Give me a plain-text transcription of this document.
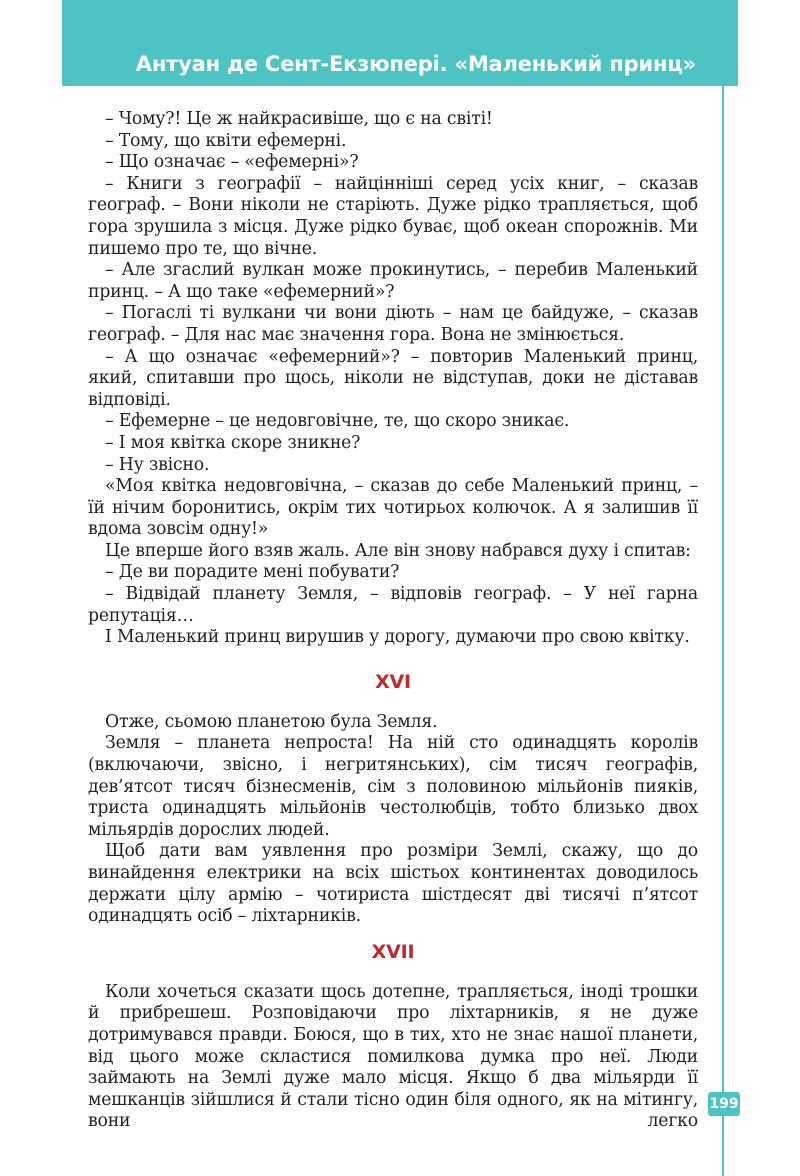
Антуан де Сент-Екзюпері. «Маленький принц»

– Чому?! Це ж найкрасивіше, що є на світі!

– Тому, що квіти ефемерні.

– Що означає – «ефемерні»?

– Книги з географії – найцінніші серед усіх книг, – сказав географ. – Вони ніколи не старіють. Дуже рідко трапляється, щоб гора зрушила з місця. Дуже рідко буває, щоб океан спорожнів. Ми пишемо про те, що вічне.

– Але згаслий вулкан може прокинутись, – перебив Маленький принц. – А що таке «ефемерний»?

– Погаслі ті вулкани чи вони діють – нам це байдуже, – сказав географ. – Для нас має значення гора. Вона не змінюється.

– А що означає «ефемерний»? – повторив Маленький принц, який, спитавши про щось, ніколи не відступав, доки не діставав відповіді.

– Ефемерне – це недовговічне, те, що скоро зникає.

– І моя квітка скоре зникне?

– Ну звісно.

«Моя квітка недовговічна, – сказав до себе Маленький принц, – їй нічим боронитись, окрім тих чотирьох колючок. А я залишив її вдома зовсім одну!»

Це вперше його взяв жаль. Але він знову набрався духу і спитав:

– Де ви порадите мені побувати?

– Відвідай планету Земля, – відповів географ. – У неї гарна репутація…

І Маленький принц вирушив у дорогу, думаючи про свою квітку.

XVI

Отже, сьомою планетою була Земля.

Земля – планета непроста! На ній сто одинадцять королів (включаючи, звісно, і негритянських), сім тисяч географів, дев’ятсот тисяч бізнесменів, сім з половиною мільйонів пияків, триста одинадцять мільйонів честолюбців, тобто близько двох мільярдів дорослих людей.

Щоб дати вам уявлення про розміри Землі, скажу, що до винайдення електрики на всіх шістьох континентах доводилось держати цілу армію – чотириста шістдесят дві тисячі п’ятсот одинадцять осіб – ліхтарників.

XVII

Коли хочеться сказати щось дотепне, трапляється, іноді трошки й прибрешеш. Розповідаючи про ліхтарників, я не дуже дотримувався правди. Боюся, що в тих, хто не знає нашої планети, від цього може скластися помилкова думка про неї. Люди займають на Землі дуже мало місця. Якщо б два мільярди її мешканців зійшлися й стали тісно один біля одного, як на мітингу, вони легко

199
